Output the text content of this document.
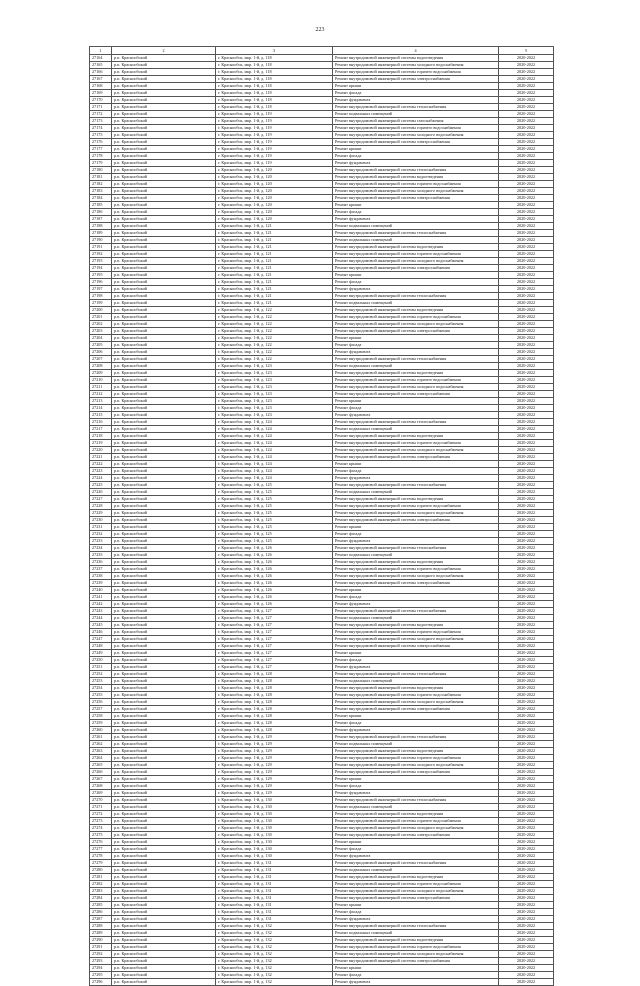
223
1	2	3	4	5
27164	р.п. Краснообский	г. Краснообск, мкр. 1-й, д. 118	Ремонт внутридомовой инженерной системы водоотведения	2020-2022
27165	р.п. Краснообский	г. Краснообск, мкр. 1-й, д. 118	Ремонт внутридомовой инженерной системы холодного водоснабжения	2020-2022
27166	р.п. Краснообский	г. Краснообск, мкр. 1-й, д. 118	Ремонт внутридомовой инженерной системы горячего водоснабжения	2020-2022
27167	р.п. Краснообский	г. Краснообск, мкр. 1-й, д. 118	Ремонт внутридомовой инженерной системы электроснабжения	2020-2022
27168	р.п. Краснообский	г. Краснообск, мкр. 1-й, д. 118	Ремонт крыши	2020-2022
27169	р.п. Краснообский	г. Краснообск, мкр. 1-й, д. 118	Ремонт фасада	2020-2022
27170	р.п. Краснообский	г. Краснообск, мкр. 1-й, д. 118	Ремонт фундамента	2020-2022
27171	р.п. Краснообский	г. Краснообск, мкр. 1-й, д. 118	Ремонт внутридомовой инженерной системы теплоснабжения	2020-2022
27172	р.п. Краснообский	г. Краснообск, мкр. 1-й, д. 119	Ремонт подвальных помещений	2020-2022
27173	р.п. Краснообский	г. Краснообск, мкр. 1-й, д. 119	Ремонт внутридомовой инженерной системы газоснабжения	2020-2022
27174	р.п. Краснообский	г. Краснообск, мкр. 1-й, д. 119	Ремонт внутридомовой инженерной системы горячего водоснабжения	2020-2022
27175	р.п. Краснообский	г. Краснообск, мкр. 1-й, д. 119	Ремонт внутридомовой инженерной системы холодного водоснабжения	2020-2022
27176	р.п. Краснообский	г. Краснообск, мкр. 1-й, д. 119	Ремонт внутридомовой инженерной системы электроснабжения	2020-2022
27177	р.п. Краснообский	г. Краснообск, мкр. 1-й, д. 119	Ремонт крыши	2020-2022
27178	р.п. Краснообский	г. Краснообск, мкр. 1-й, д. 119	Ремонт фасада	2020-2022
27179	р.п. Краснообский	г. Краснообск, мкр. 1-й, д. 119	Ремонт фундамента	2020-2022
27180	р.п. Краснообский	г. Краснообск, мкр. 1-й, д. 120	Ремонт внутридомовой инженерной системы теплоснабжения	2020-2022
27181	р.п. Краснообский	г. Краснообск, мкр. 1-й, д. 120	Ремонт внутридомовой инженерной системы водоотведения	2020-2022
27182	р.п. Краснообский	г. Краснообск, мкр. 1-й, д. 120	Ремонт внутридомовой инженерной системы горячего водоснабжения	2020-2022
27183	р.п. Краснообский	г. Краснообск, мкр. 1-й, д. 120	Ремонт внутридомовой инженерной системы холодного водоснабжения	2020-2022
27184	р.п. Краснообский	г. Краснообск, мкр. 1-й, д. 120	Ремонт внутридомовой инженерной системы электроснабжения	2020-2022
27185	р.п. Краснообский	г. Краснообск, мкр. 1-й, д. 120	Ремонт крыши	2020-2022
27186	р.п. Краснообский	г. Краснообск, мкр. 1-й, д. 120	Ремонт фасада	2020-2022
27187	р.п. Краснообский	г. Краснообск, мкр. 1-й, д. 120	Ремонт фундамента	2020-2022
27188	р.п. Краснообский	г. Краснообск, мкр. 1-й, д. 121	Ремонт подвальных помещений	2020-2022
27189	р.п. Краснообский	г. Краснообск, мкр. 1-й, д. 121	Ремонт внутридомовой инженерной системы теплоснабжения	2020-2022
27190	р.п. Краснообский	г. Краснообск, мкр. 1-й, д. 121	Ремонт подвальных помещений	2020-2022
27191	р.п. Краснообский	г. Краснообск, мкр. 1-й, д. 121	Ремонт внутридомовой инженерной системы водоотведения	2020-2022
27192	р.п. Краснообский	г. Краснообск, мкр. 1-й, д. 121	Ремонт внутридомовой инженерной системы горячего водоснабжения	2020-2022
27193	р.п. Краснообский	г. Краснообск, мкр. 1-й, д. 121	Ремонт внутридомовой инженерной системы холодного водоснабжения	2020-2022
27194	р.п. Краснообский	г. Краснообск, мкр. 1-й, д. 121	Ремонт внутридомовой инженерной системы электроснабжения	2020-2022
27195	р.п. Краснообский	г. Краснообск, мкр. 1-й, д. 121	Ремонт крыши	2020-2022
27196	р.п. Краснообский	г. Краснообск, мкр. 1-й, д. 121	Ремонт фасада	2020-2022
27197	р.п. Краснообский	г. Краснообск, мкр. 1-й, д. 121	Ремонт фундамента	2020-2022
27198	р.п. Краснообский	г. Краснообск, мкр. 1-й, д. 121	Ремонт внутридомовой инженерной системы теплоснабжения	2020-2022
27199	р.п. Краснообский	г. Краснообск, мкр. 1-й, д. 121	Ремонт подвальных помещений	2020-2022
27200	р.п. Краснообский	г. Краснообск, мкр. 1-й, д. 122	Ремонт внутридомовой инженерной системы водоотведения	2020-2022
27201	р.п. Краснообский	г. Краснообск, мкр. 1-й, д. 122	Ремонт внутридомовой инженерной системы горячего водоснабжения	2020-2022
27202	р.п. Краснообский	г. Краснообск, мкр. 1-й, д. 122	Ремонт внутридомовой инженерной системы холодного водоснабжения	2020-2022
27203	р.п. Краснообский	г. Краснообск, мкр. 1-й, д. 122	Ремонт внутридомовой инженерной системы электроснабжения	2020-2022
27204	р.п. Краснообский	г. Краснообск, мкр. 1-й, д. 122	Ремонт крыши	2020-2022
27205	р.п. Краснообский	г. Краснообск, мкр. 1-й, д. 122	Ремонт фасада	2020-2022
27206	р.п. Краснообский	г. Краснообск, мкр. 1-й, д. 122	Ремонт фундамента	2020-2022
27207	р.п. Краснообский	г. Краснообск, мкр. 1-й, д. 122	Ремонт внутридомовой инженерной системы теплоснабжения	2020-2022
27208	р.п. Краснообский	г. Краснообск, мкр. 1-й, д. 123	Ремонт подвальных помещений	2020-2022
27209	р.п. Краснообский	г. Краснообск, мкр. 1-й, д. 123	Ремонт внутридомовой инженерной системы водоотведения	2020-2022
27210	р.п. Краснообский	г. Краснообск, мкр. 1-й, д. 123	Ремонт внутридомовой инженерной системы горячего водоснабжения	2020-2022
27211	р.п. Краснообский	г. Краснообск, мкр. 1-й, д. 123	Ремонт внутридомовой инженерной системы холодного водоснабжения	2020-2022
27212	р.п. Краснообский	г. Краснообск, мкр. 1-й, д. 123	Ремонт внутридомовой инженерной системы электроснабжения	2020-2022
27213	р.п. Краснообский	г. Краснообск, мкр. 1-й, д. 123	Ремонт крыши	2020-2022
27214	р.п. Краснообский	г. Краснообск, мкр. 1-й, д. 123	Ремонт фасада	2020-2022
27215	р.п. Краснообский	г. Краснообск, мкр. 1-й, д. 123	Ремонт фундамента	2020-2022
27216	р.п. Краснообский	г. Краснообск, мкр. 1-й, д. 124	Ремонт внутридомовой инженерной системы теплоснабжения	2020-2022
27217	р.п. Краснообский	г. Краснообск, мкр. 1-й, д. 124	Ремонт подвальных помещений	2020-2022
27218	р.п. Краснообский	г. Краснообск, мкр. 1-й, д. 124	Ремонт внутридомовой инженерной системы водоотведения	2020-2022
27219	р.п. Краснообский	г. Краснообск, мкр. 1-й, д. 124	Ремонт внутридомовой инженерной системы горячего водоснабжения	2020-2022
27220	р.п. Краснообский	г. Краснообск, мкр. 1-й, д. 124	Ремонт внутридомовой инженерной системы холодного водоснабжения	2020-2022
27221	р.п. Краснообский	г. Краснообск, мкр. 1-й, д. 124	Ремонт внутридомовой инженерной системы электроснабжения	2020-2022
27222	р.п. Краснообский	г. Краснообск, мкр. 1-й, д. 124	Ремонт крыши	2020-2022
27223	р.п. Краснообский	г. Краснообск, мкр. 1-й, д. 124	Ремонт фасада	2020-2022
27224	р.п. Краснообский	г. Краснообск, мкр. 1-й, д. 124	Ремонт фундамента	2020-2022
27225	р.п. Краснообский	г. Краснообск, мкр. 1-й, д. 125	Ремонт внутридомовой инженерной системы теплоснабжения	2020-2022
27226	р.п. Краснообский	г. Краснообск, мкр. 1-й, д. 125	Ремонт подвальных помещений	2020-2022
27227	р.п. Краснообский	г. Краснообск, мкр. 1-й, д. 125	Ремонт внутридомовой инженерной системы водоотведения	2020-2022
27228	р.п. Краснообский	г. Краснообск, мкр. 1-й, д. 125	Ремонт внутридомовой инженерной системы горячего водоснабжения	2020-2022
27229	р.п. Краснообский	г. Краснообск, мкр. 1-й, д. 125	Ремонт внутридомовой инженерной системы холодного водоснабжения	2020-2022
27230	р.п. Краснообский	г. Краснообск, мкр. 1-й, д. 125	Ремонт внутридомовой инженерной системы электроснабжения	2020-2022
27231	р.п. Краснообский	г. Краснообск, мкр. 1-й, д. 125	Ремонт крыши	2020-2022
27232	р.п. Краснообский	г. Краснообск, мкр. 1-й, д. 125	Ремонт фасада	2020-2022
27233	р.п. Краснообский	г. Краснообск, мкр. 1-й, д. 125	Ремонт фундамента	2020-2022
27234	р.п. Краснообский	г. Краснообск, мкр. 1-й, д. 126	Ремонт внутридомовой инженерной системы теплоснабжения	2020-2022
27235	р.п. Краснообский	г. Краснообск, мкр. 1-й, д. 126	Ремонт подвальных помещений	2020-2022
27236	р.п. Краснообский	г. Краснообск, мкр. 1-й, д. 126	Ремонт внутридомовой инженерной системы водоотведения	2020-2022
27237	р.п. Краснообский	г. Краснообск, мкр. 1-й, д. 126	Ремонт внутридомовой инженерной системы горячего водоснабжения	2020-2022
27238	р.п. Краснообский	г. Краснообск, мкр. 1-й, д. 126	Ремонт внутридомовой инженерной системы холодного водоснабжения	2020-2022
27239	р.п. Краснообский	г. Краснообск, мкр. 1-й, д. 126	Ремонт внутридомовой инженерной системы электроснабжения	2020-2022
27240	р.п. Краснообский	г. Краснообск, мкр. 1-й, д. 126	Ремонт крыши	2020-2022
27241	р.п. Краснообский	г. Краснообск, мкр. 1-й, д. 126	Ремонт фасада	2020-2022
27242	р.п. Краснообский	г. Краснообск, мкр. 1-й, д. 126	Ремонт фундамента	2020-2022
27243	р.п. Краснообский	г. Краснообск, мкр. 1-й, д. 127	Ремонт внутридомовой инженерной системы теплоснабжения	2020-2022
27244	р.п. Краснообский	г. Краснообск, мкр. 1-й, д. 127	Ремонт подвальных помещений	2020-2022
27245	р.п. Краснообский	г. Краснообск, мкр. 1-й, д. 127	Ремонт внутридомовой инженерной системы водоотведения	2020-2022
27246	р.п. Краснообский	г. Краснообск, мкр. 1-й, д. 127	Ремонт внутридомовой инженерной системы горячего водоснабжения	2020-2022
27247	р.п. Краснообский	г. Краснообск, мкр. 1-й, д. 127	Ремонт внутридомовой инженерной системы холодного водоснабжения	2020-2022
27248	р.п. Краснообский	г. Краснообск, мкр. 1-й, д. 127	Ремонт внутридомовой инженерной системы электроснабжения	2020-2022
27249	р.п. Краснообский	г. Краснообск, мкр. 1-й, д. 127	Ремонт крыши	2020-2022
27250	р.п. Краснообский	г. Краснообск, мкр. 1-й, д. 127	Ремонт фасада	2020-2022
27251	р.п. Краснообский	г. Краснообск, мкр. 1-й, д. 127	Ремонт фундамента	2020-2022
27252	р.п. Краснообский	г. Краснообск, мкр. 1-й, д. 128	Ремонт внутридомовой инженерной системы теплоснабжения	2020-2022
27253	р.п. Краснообский	г. Краснообск, мкр. 1-й, д. 128	Ремонт подвальных помещений	2020-2022
27254	р.п. Краснообский	г. Краснообск, мкр. 1-й, д. 128	Ремонт внутридомовой инженерной системы водоотведения	2020-2022
27255	р.п. Краснообский	г. Краснообск, мкр. 1-й, д. 128	Ремонт внутридомовой инженерной системы горячего водоснабжения	2020-2022
27256	р.п. Краснообский	г. Краснообск, мкр. 1-й, д. 128	Ремонт внутридомовой инженерной системы холодного водоснабжения	2020-2022
27257	р.п. Краснообский	г. Краснообск, мкр. 1-й, д. 128	Ремонт внутридомовой инженерной системы электроснабжения	2020-2022
27258	р.п. Краснообский	г. Краснообск, мкр. 1-й, д. 128	Ремонт крыши	2020-2022
27259	р.п. Краснообский	г. Краснообск, мкр. 1-й, д. 128	Ремонт фасада	2020-2022
27260	р.п. Краснообский	г. Краснообск, мкр. 1-й, д. 128	Ремонт фундамента	2020-2022
27261	р.п. Краснообский	г. Краснообск, мкр. 1-й, д. 129	Ремонт внутридомовой инженерной системы теплоснабжения	2020-2022
27262	р.п. Краснообский	г. Краснообск, мкр. 1-й, д. 129	Ремонт подвальных помещений	2020-2022
27263	р.п. Краснообский	г. Краснообск, мкр. 1-й, д. 129	Ремонт внутридомовой инженерной системы водоотведения	2020-2022
27264	р.п. Краснообский	г. Краснообск, мкр. 1-й, д. 129	Ремонт внутридомовой инженерной системы горячего водоснабжения	2020-2022
27265	р.п. Краснообский	г. Краснообск, мкр. 1-й, д. 129	Ремонт внутридомовой инженерной системы холодного водоснабжения	2020-2022
27266	р.п. Краснообский	г. Краснообск, мкр. 1-й, д. 129	Ремонт внутридомовой инженерной системы электроснабжения	2020-2022
27267	р.п. Краснообский	г. Краснообск, мкр. 1-й, д. 129	Ремонт крыши	2020-2022
27268	р.п. Краснообский	г. Краснообск, мкр. 1-й, д. 129	Ремонт фасада	2020-2022
27269	р.п. Краснообский	г. Краснообск, мкр. 1-й, д. 129	Ремонт фундамента	2020-2022
27270	р.п. Краснообский	г. Краснообск, мкр. 1-й, д. 130	Ремонт внутридомовой инженерной системы теплоснабжения	2020-2022
27271	р.п. Краснообский	г. Краснообск, мкр. 1-й, д. 130	Ремонт подвальных помещений	2020-2022
27272	р.п. Краснообский	г. Краснообск, мкр. 1-й, д. 130	Ремонт внутридомовой инженерной системы водоотведения	2020-2022
27273	р.п. Краснообский	г. Краснообск, мкр. 1-й, д. 130	Ремонт внутридомовой инженерной системы горячего водоснабжения	2020-2022
27274	р.п. Краснообский	г. Краснообск, мкр. 1-й, д. 130	Ремонт внутридомовой инженерной системы холодного водоснабжения	2020-2022
27275	р.п. Краснообский	г. Краснообск, мкр. 1-й, д. 130	Ремонт внутридомовой инженерной системы электроснабжения	2020-2022
27276	р.п. Краснообский	г. Краснообск, мкр. 1-й, д. 130	Ремонт крыши	2020-2022
27277	р.п. Краснообский	г. Краснообск, мкр. 1-й, д. 130	Ремонт фасада	2020-2022
27278	р.п. Краснообский	г. Краснообск, мкр. 1-й, д. 130	Ремонт фундамента	2020-2022
27279	р.п. Краснообский	г. Краснообск, мкр. 1-й, д. 131	Ремонт внутридомовой инженерной системы теплоснабжения	2020-2022
27280	р.п. Краснообский	г. Краснообск, мкр. 1-й, д. 131	Ремонт подвальных помещений	2020-2022
27281	р.п. Краснообский	г. Краснообск, мкр. 1-й, д. 131	Ремонт внутридомовой инженерной системы водоотведения	2020-2022
27282	р.п. Краснообский	г. Краснообск, мкр. 1-й, д. 131	Ремонт внутридомовой инженерной системы горячего водоснабжения	2020-2022
27283	р.п. Краснообский	г. Краснообск, мкр. 1-й, д. 131	Ремонт внутридомовой инженерной системы холодного водоснабжения	2020-2022
27284	р.п. Краснообский	г. Краснообск, мкр. 1-й, д. 131	Ремонт внутридомовой инженерной системы электроснабжения	2020-2022
27285	р.п. Краснообский	г. Краснообск, мкр. 1-й, д. 131	Ремонт крыши	2020-2022
27286	р.п. Краснообский	г. Краснообск, мкр. 1-й, д. 131	Ремонт фасада	2020-2022
27287	р.п. Краснообский	г. Краснообск, мкр. 1-й, д. 131	Ремонт фундамента	2020-2022
27288	р.п. Краснообский	г. Краснообск, мкр. 1-й, д. 132	Ремонт внутридомовой инженерной системы теплоснабжения	2020-2022
27289	р.п. Краснообский	г. Краснообск, мкр. 1-й, д. 132	Ремонт подвальных помещений	2020-2022
27290	р.п. Краснообский	г. Краснообск, мкр. 1-й, д. 132	Ремонт внутридомовой инженерной системы водоотведения	2020-2022
27291	р.п. Краснообский	г. Краснообск, мкр. 1-й, д. 132	Ремонт внутридомовой инженерной системы горячего водоснабжения	2020-2022
27292	р.п. Краснообский	г. Краснообск, мкр. 1-й, д. 132	Ремонт внутридомовой инженерной системы холодного водоснабжения	2020-2022
27293	р.п. Краснообский	г. Краснообск, мкр. 1-й, д. 132	Ремонт внутридомовой инженерной системы электроснабжения	2020-2022
27294	р.п. Краснообский	г. Краснообск, мкр. 1-й, д. 132	Ремонт крыши	2020-2022
27295	р.п. Краснообский	г. Краснообск, мкр. 1-й, д. 132	Ремонт фасада	2020-2022
27296	р.п. Краснообский	г. Краснообск, мкр. 1-й, д. 132	Ремонт фундамента	2020-2022
